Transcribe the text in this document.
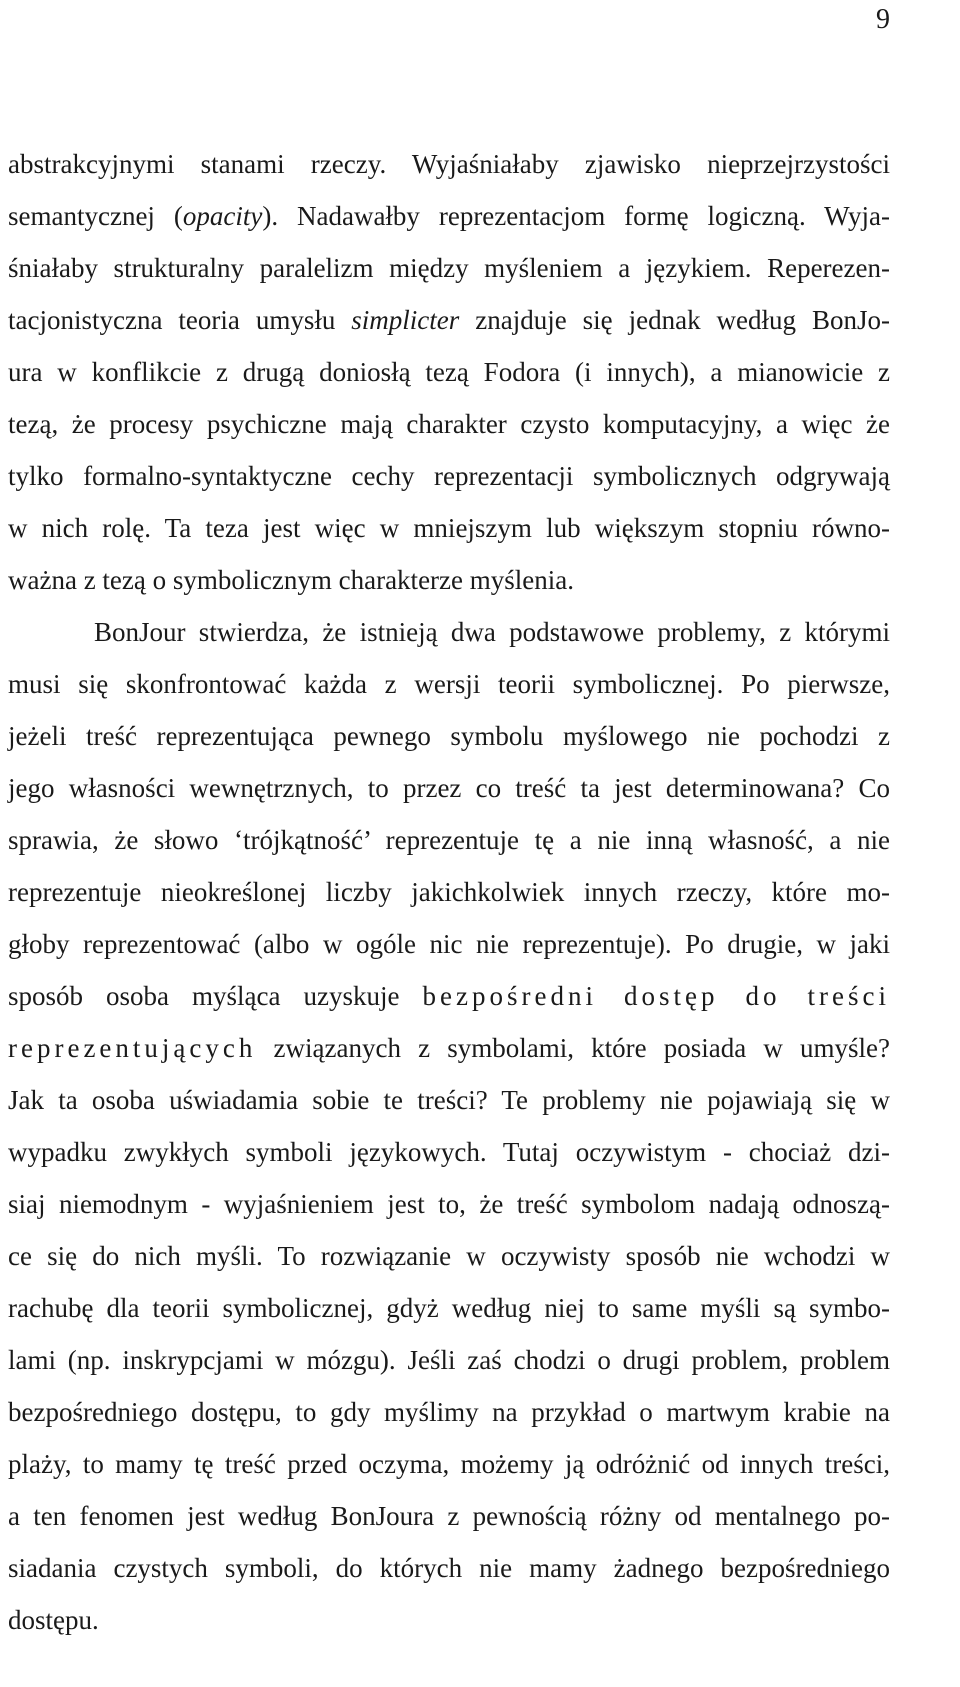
9
abstrakcyjnymi stanami rzeczy. Wyjaśniałaby zjawisko nieprzejrzystości
semantycznej (opacity). Nadawałby reprezentacjom formę logiczną. Wyja-
śniałaby strukturalny paralelizm między myśleniem a językiem. Reperezen-
tacjonistyczna teoria umysłu simplicter znajduje się jednak według BonJo-
ura w konflikcie z drugą doniosłą tezą Fodora (i innych), a mianowicie z
tezą, że procesy psychiczne mają charakter czysto komputacyjny, a więc że
tylko formalno-syntaktyczne cechy reprezentacji symbolicznych odgrywają
w nich rolę. Ta teza jest więc w mniejszym lub większym stopniu równo-
ważna z tezą o symbolicznym charakterze myślenia.
BonJour stwierdza, że istnieją dwa podstawowe problemy, z którymi
musi się skonfrontować każda z wersji teorii symbolicznej. Po pierwsze,
jeżeli treść reprezentująca pewnego symbolu myślowego nie pochodzi z
jego własności wewnętrznych, to przez co treść ta jest determinowana? Co
sprawia, że słowo ‘trójkątność’ reprezentuje tę a nie inną własność, a nie
reprezentuje nieokreślonej liczby jakichkolwiek innych rzeczy, które mo-
głoby reprezentować (albo w ogóle nic nie reprezentuje). Po drugie, w jaki
sposób osoba myśląca uzyskuje bezpośredni dostęp do treści
reprezentujących związanych z symbolami, które posiada w umyśle?
Jak ta osoba uświadamia sobie te treści? Te problemy nie pojawiają się w
wypadku zwykłych symboli językowych. Tutaj oczywistym - chociaż dzi-
siaj niemodnym - wyjaśnieniem jest to, że treść symbolom nadają odnoszą-
ce się do nich myśli. To rozwiązanie w oczywisty sposób nie wchodzi w
rachubę dla teorii symbolicznej, gdyż według niej to same myśli są symbo-
lami (np. inskrypcjami w mózgu). Jeśli zaś chodzi o drugi problem, problem
bezpośredniego dostępu, to gdy myślimy na przykład o martwym krabie na
plaży, to mamy tę treść przed oczyma, możemy ją odróżnić od innych treści,
a ten fenomen jest według BonJoura z pewnością różny od mentalnego po-
siadania czystych symboli, do których nie mamy żadnego bezpośredniego
dostępu.
